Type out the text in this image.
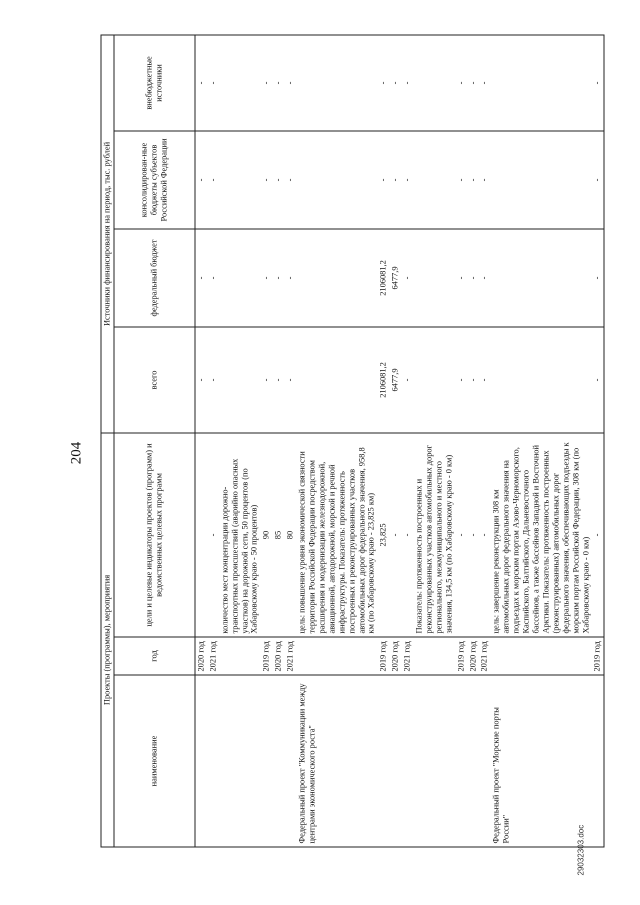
204
Проекты (программы), мероприятия			Источники финансирования на период, тыс. рублей			
наименование	год	цели и целевые индикаторы проектов (программ) и ведомственных целевых программ	всего	федеральный бюджет	консолидирован-ные бюджеты субъектов Российской Федерации	внебюджетные источники
	2020 год		-	-	-	-
	2021 год	-	-	-	-	-
		количество мест концентрации дорожно-транспортных происшествий (аварийно опасных участков) на дорожной сети, 50 процентов (по Хабаровскому краю - 50 процентов)				
	2019 год	90	-	-	-	-
	2020 год	85	-	-	-	-
	2021 год	80	-	-	-	-
Федеральный проект "Коммуникации между центрами экономического роста"		цель: повышение уровня экономической связности территории Российской Федерации посредством расширения и модернизации железнодорожной, авиационной, автодорожной, морской и речной инфраструктуры. Показатель: протяженность построенных и реконструированных участков автомобильных дорог федерального значения, 958,8 км (по Хабаровскому краю - 23,825 км)				
	2019 год	23,825	2106081,2	2106081,2	-	-
	2020 год	-	6477,9	6477,9	-	-
	2021 год	-	-	-	-	-
		Показатель: протяженность построенных и реконструированных участков автомобильных дорог регионального, межмуниципального и местного значения, 134,5 км (по Хабаровскому краю - 0 км)				
	2019 год	-	-	-	-	-
	2020 год	-	-	-	-	-
	2021 год	-	-	-	-	-
Федеральный проект "Морские порты России"		цель: завершение реконструкции 308 км автомобильных дорог федерального значения на подъездах к морским портам Азово-Черноморского, Каспийского, Балтийского, Дальневосточного бассейнов, а также бассейнов Западной и Восточной Арктики. Показатель: протяженность построенных (реконструированных) автомобильных дорог федерального значения, обеспечивающих подъезды к морским портам Российской Федерации, 308 км (по Хабаровскому краю - 0 км)				
	2019 год	-	-	-	-	-
29032303.doc
